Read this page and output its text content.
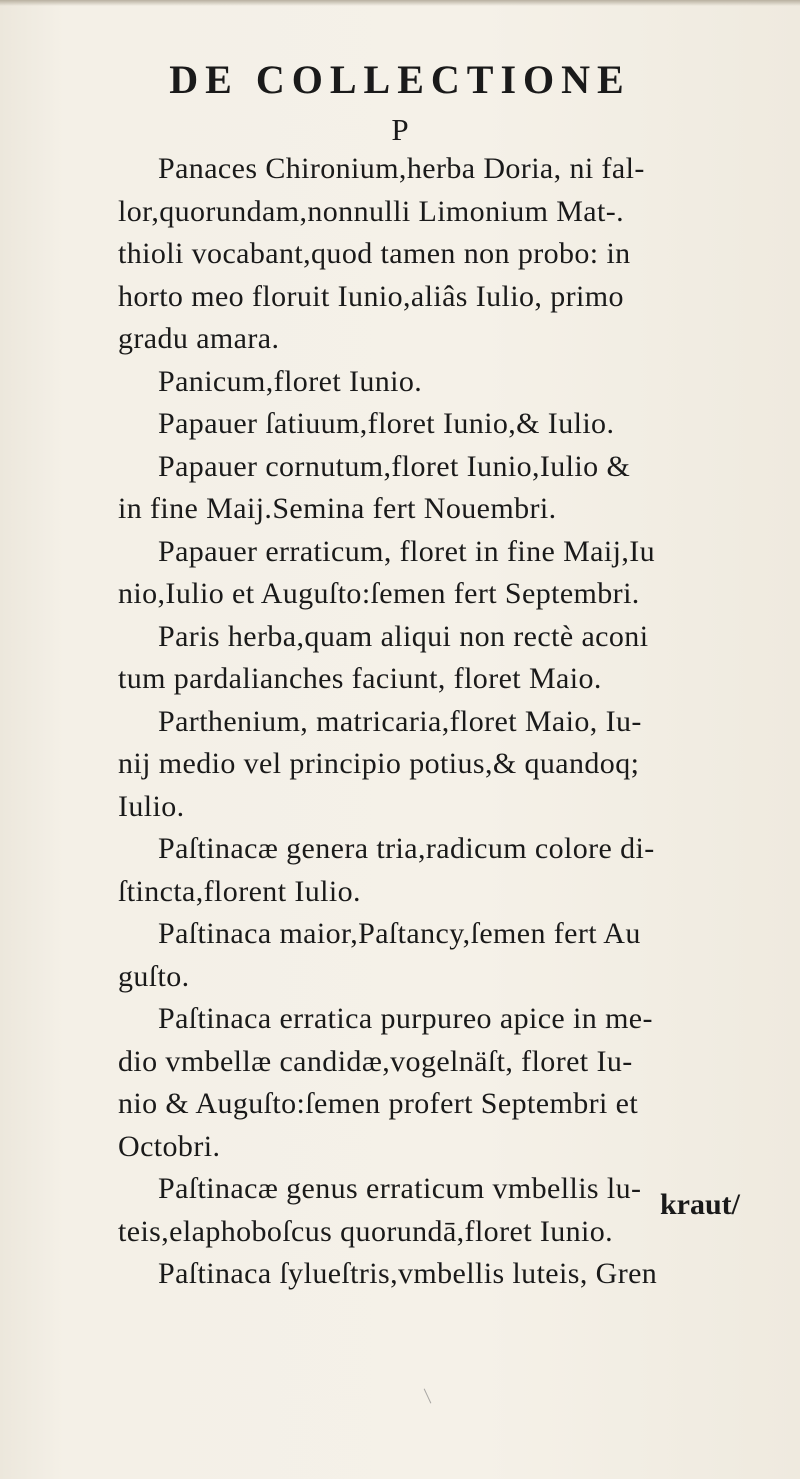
DE COLLECTIONE
P
Panaces Chironium,herba Doria, ni fal-
lor,quorundam,nonnulli Limonium Mat-.
thioli vocabant,quod tamen non probo: in
horto meo floruit Iunio,aliâs Iulio, primo
gradu amara.
Panicum,floret Iunio.
Papauer ſatiuum,floret Iunio,& Iulio.
Papauer cornutum,floret Iunio,Iulio &
in fine Maij.Semina fert Nouembri.
Papauer erraticum, floret in fine Maij,Iu
nio,Iulio et Auguſto:ſemen fert Septembri.
Paris herba,quam aliqui non rectè aconi
tum pardalianches faciunt, floret Maio.
Parthenium, matricaria,floret Maio, Iu-
nij medio vel principio potius,& quandoq;
Iulio.
Paſtinacæ genera tria,radicum colore di-
ſtincta,florent Iulio.
Paſtinaca maior,Paſtancy,ſemen fert Au
guſto.
Paſtinaca erratica purpureo apice in me-
dio vmbellæ candidæ,vogelnäſt, floret Iu-
nio & Auguſto:ſemen profert Septembri et
Octobri.
Paſtinacæ genus erraticum vmbellis lu-
teis,elaphoboſcus quorundā,floret Iunio.
Paſtinaca ſylueſtris,vmbellis luteis, Gren
kraut/
